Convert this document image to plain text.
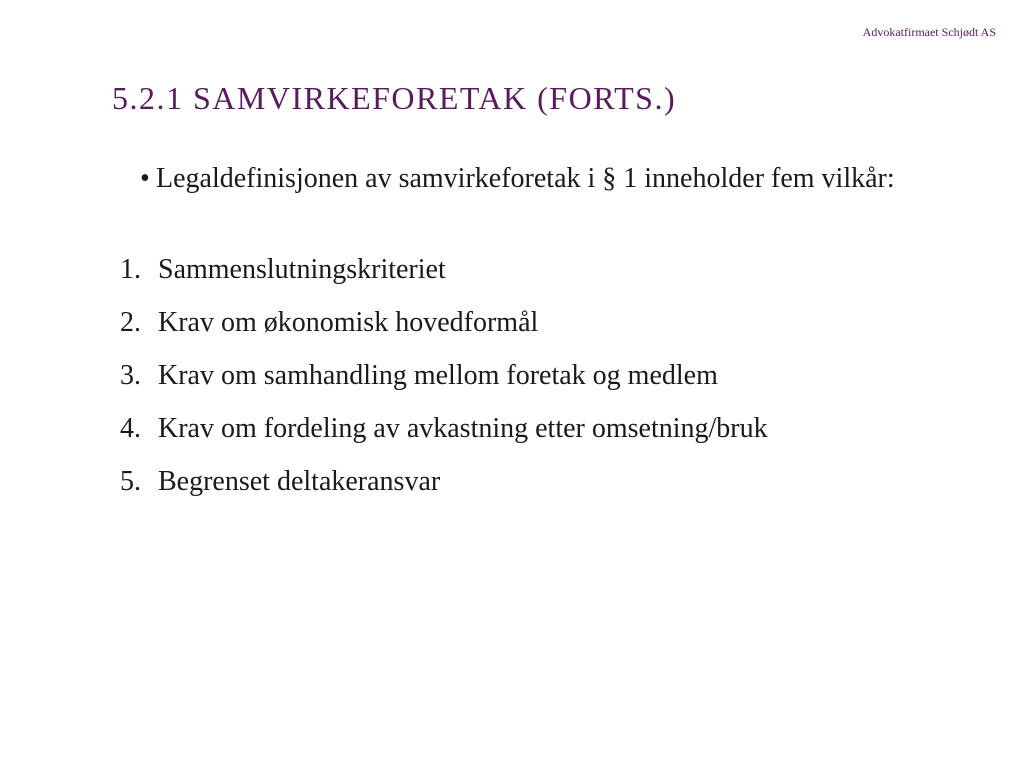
Advokatfirmaet Schjødt AS
5.2.1 SAMVIRKEFORETAK (FORTS.)
• Legaldefinisjonen av samvirkeforetak i § 1 inneholder fem vilkår:
1. Sammenslutningskriteriet
2. Krav om økonomisk hovedformål
3. Krav om samhandling mellom foretak og medlem
4. Krav om fordeling av avkastning etter omsetning/bruk
5. Begrenset deltakeransvar
